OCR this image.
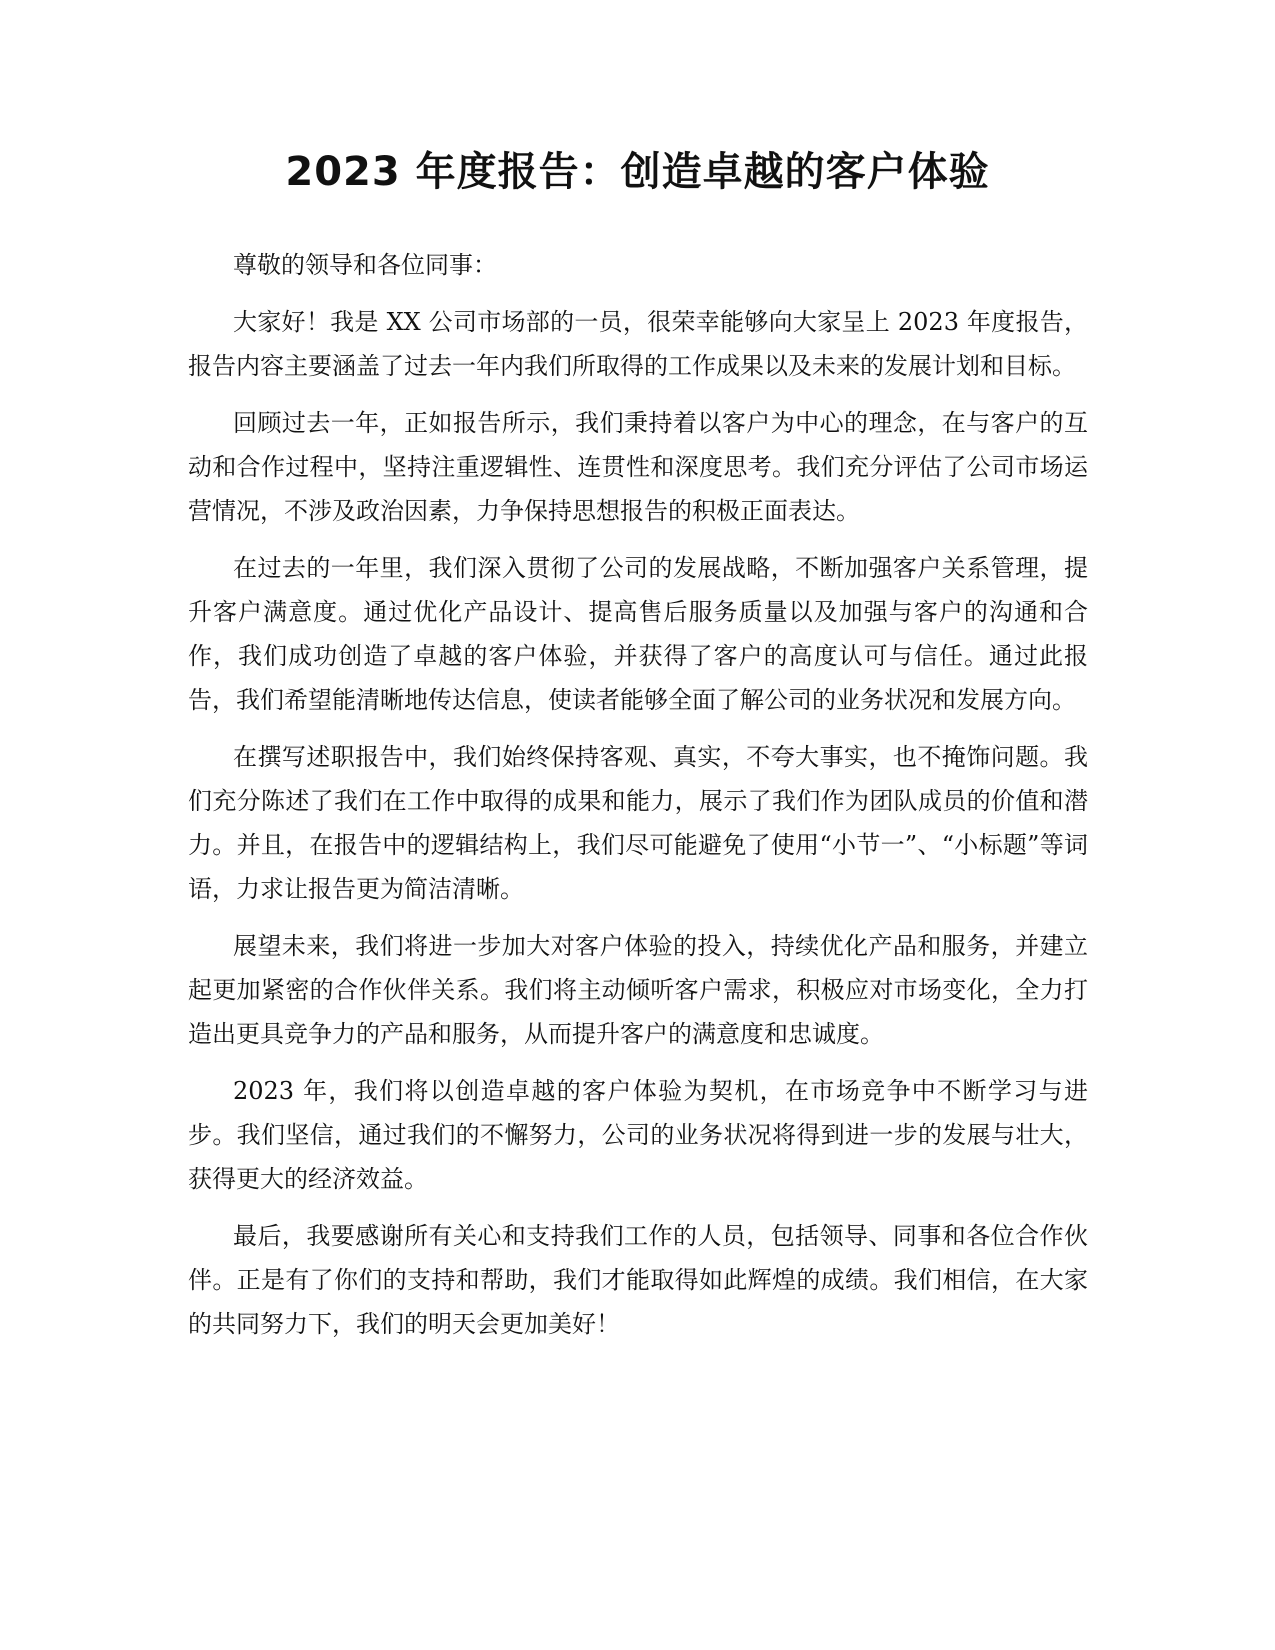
2023 年度报告：创造卓越的客户体验

尊敬的领导和各位同事：

大家好！我是 XX 公司市场部的一员，很荣幸能够向大家呈上 2023 年度报告，报告内容主要涵盖了过去一年内我们所取得的工作成果以及未来的发展计划和目标。

回顾过去一年，正如报告所示，我们秉持着以客户为中心的理念，在与客户的互动和合作过程中，坚持注重逻辑性、连贯性和深度思考。我们充分评估了公司市场运营情况，不涉及政治因素，力争保持思想报告的积极正面表达。

在过去的一年里，我们深入贯彻了公司的发展战略，不断加强客户关系管理，提升客户满意度。通过优化产品设计、提高售后服务质量以及加强与客户的沟通和合作，我们成功创造了卓越的客户体验，并获得了客户的高度认可与信任。通过此报告，我们希望能清晰地传达信息，使读者能够全面了解公司的业务状况和发展方向。

在撰写述职报告中，我们始终保持客观、真实，不夸大事实，也不掩饰问题。我们充分陈述了我们在工作中取得的成果和能力，展示了我们作为团队成员的价值和潜力。并且，在报告中的逻辑结构上，我们尽可能避免了使用“小节一”、“小标题”等词语，力求让报告更为简洁清晰。

展望未来，我们将进一步加大对客户体验的投入，持续优化产品和服务，并建立起更加紧密的合作伙伴关系。我们将主动倾听客户需求，积极应对市场变化，全力打造出更具竞争力的产品和服务，从而提升客户的满意度和忠诚度。

2023 年，我们将以创造卓越的客户体验为契机，在市场竞争中不断学习与进步。我们坚信，通过我们的不懈努力，公司的业务状况将得到进一步的发展与壮大，获得更大的经济效益。

最后，我要感谢所有关心和支持我们工作的人员，包括领导、同事和各位合作伙伴。正是有了你们的支持和帮助，我们才能取得如此辉煌的成绩。我们相信，在大家的共同努力下，我们的明天会更加美好！
